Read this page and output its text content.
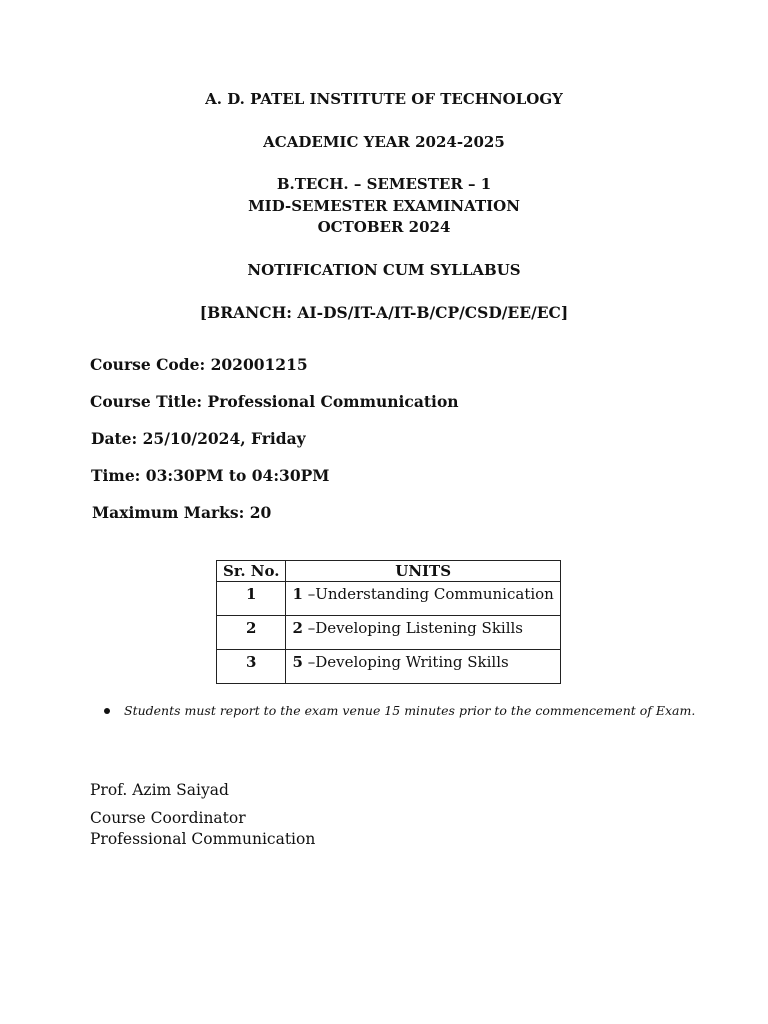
A. D. PATEL INSTITUTE OF TECHNOLOGY
ACADEMIC YEAR 2024-2025
B.TECH. – SEMESTER – 1
MID-SEMESTER EXAMINATION
OCTOBER 2024
NOTIFICATION CUM SYLLABUS
[BRANCH: AI-DS/IT-A/IT-B/CP/CSD/EE/EC]
Course Code: 202001215
Course Title: Professional Communication
Date: 25/10/2024, Friday
Time: 03:30PM to 04:30PM
Maximum Marks: 20
Sr. No.	UNITS
1	1 –Understanding Communication
2	2 –Developing Listening Skills
3	5 –Developing Writing Skills
Students must report to the exam venue 15 minutes prior to the commencement of Exam.
Prof. Azim Saiyad
Course Coordinator
Professional Communication
